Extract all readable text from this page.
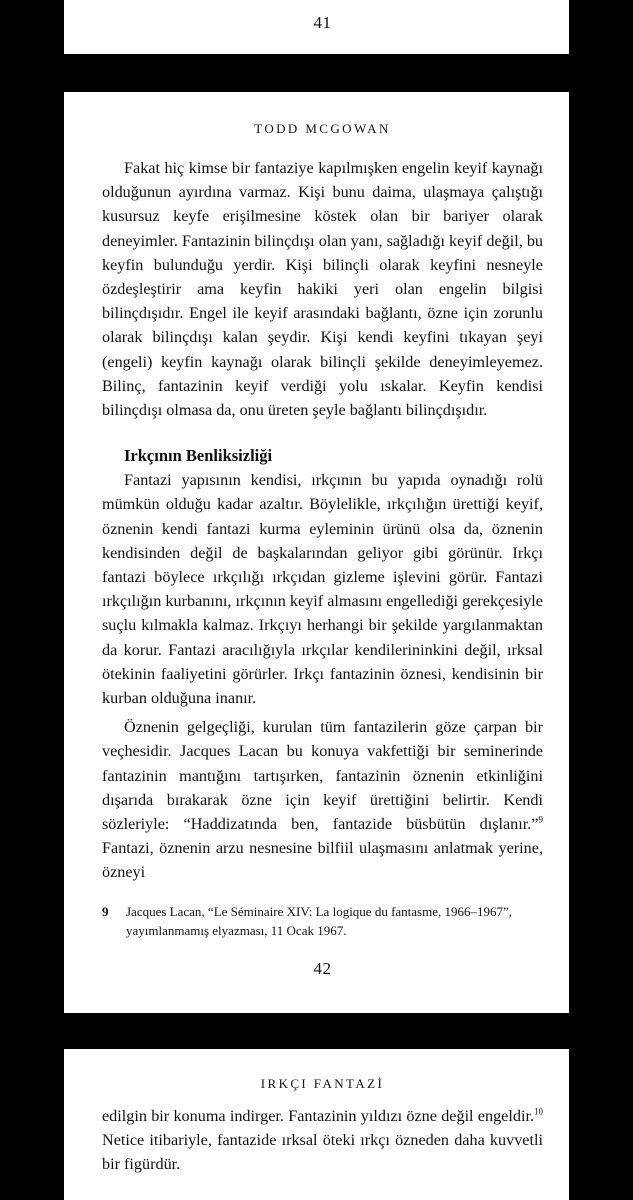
41
TODD MCGOWAN

Fakat hiç kimse bir fantaziye kapılmışken engelin keyif kaynağı olduğunun ayırdına varmaz. Kişi bunu daima, ulaşmaya çalıştığı kusursuz keyfe erişilmesine köstek olan bir bariyer olarak deneyimler. Fantazinin bilinçdışı olan yanı, sağladığı keyif değil, bu keyfin bulunduğu yerdir. Kişi bilinçli olarak keyfini nesneyle özdeşleştirir ama keyfin hakiki yeri olan engelin bilgisi bilinçdışıdır. Engel ile keyif arasındaki bağlantı, özne için zorunlu olarak bilinçdışı kalan şeydir. Kişi kendi keyfini tıkayan şeyi (engeli) keyfin kaynağı olarak bilinçli şekilde deneyimleyemez. Bilinç, fantazinin keyif verdiği yolu ıskalar. Keyfin kendisi bilinçdışı olmasa da, onu üreten şeyle bağlantı bilinçdışıdır.

Irkçının Benliksizliği

Fantazi yapısının kendisi, ırkçının bu yapıda oynadığı rolü mümkün olduğu kadar azaltır. Böylelikle, ırkçılığın ürettiği keyif, öznenin kendi fantazi kurma eyleminin ürünü olsa da, öznenin kendisinden değil de başkalarından geliyor gibi görünür. Irkçı fantazi böylece ırkçılığı ırkçıdan gizleme işlevini görür. Fantazi ırkçılığın kurbanını, ırkçının keyif almasını engellediği gerekçesiyle suçlu kılmakla kalmaz. Irkçıyı herhangi bir şekilde yargılanmaktan da korur. Fantazi aracılığıyla ırkçılar kendilerininkini değil, ırksal ötekinin faaliyetini görürler. Irkçı fantazinin öznesi, kendisinin bir kurban olduğuna inanır.

Öznenin gelgeçliği, kurulan tüm fantazilerin göze çarpan bir veçhesidir. Jacques Lacan bu konuya vakfettiği bir seminerinde fantazinin mantığını tartışırken, fantazinin öznenin etkinliğini dışarıda bırakarak özne için keyif ürettiğini belirtir. Kendi sözleriyle: “Haddizatında ben, fantazide büsbütün dışlanır.”$^9$ Fantazi, öznenin arzu nesnesine bilfiil ulaşmasını anlatmak yerine, özneyi

9	Jacques Lacan, “Le Séminaire XIV: La logique du fantasme, 1966–1967”, yayımlanmamış elyazması, 11 Ocak 1967.
42
IRKÇI FANTAZİ

edilgin bir konuma indirger. Fantazinin yıldızı özne değil engeldir.$^{10}$ Netice itibariyle, fantazide ırksal öteki ırkçı özneden daha kuvvetli bir figürdür.
